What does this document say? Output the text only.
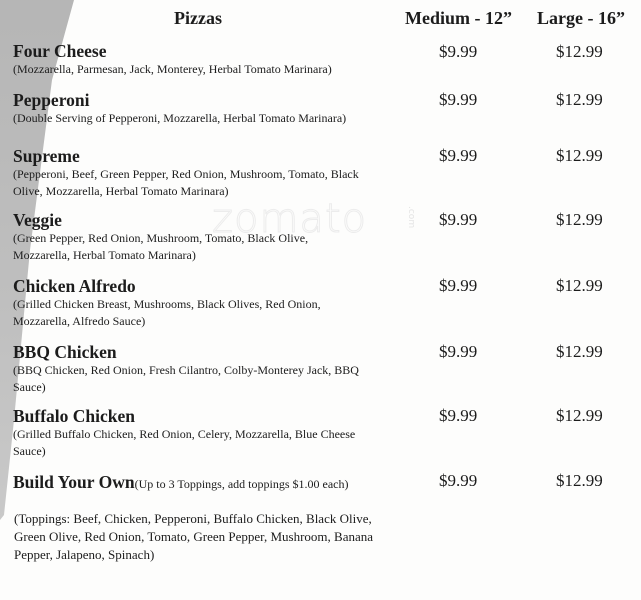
zomato	.com
Pizzas	Medium - 12” Large - 16”
Four Cheese
(Mozzarella, Parmesan, Jack, Monterey, Herbal Tomato Marinara)
$9.99	$12.99
Pepperoni
(Double Serving of Pepperoni, Mozzarella, Herbal Tomato Marinara)
$9.99	$12.99
Supreme
(Pepperoni, Beef, Green Pepper, Red Onion, Mushroom, Tomato, Black Olive, Mozzarella, Herbal Tomato Marinara)
$9.99	$12.99
Veggie
(Green Pepper, Red Onion, Mushroom, Tomato, Black Olive, Mozzarella, Herbal Tomato Marinara)
$9.99	$12.99
Chicken Alfredo
(Grilled Chicken Breast, Mushrooms, Black Olives, Red Onion, Mozzarella, Alfredo Sauce)
$9.99	$12.99
BBQ Chicken
(BBQ Chicken, Red Onion, Fresh Cilantro, Colby-Monterey Jack, BBQ Sauce)
$9.99	$12.99
Buffalo Chicken
(Grilled Buffalo Chicken, Red Onion, Celery, Mozzarella, Blue Cheese Sauce)
$9.99	$12.99
Build Your Own(Up to 3 Toppings, add toppings $1.00 each)	$9.99	$12.99
(Toppings: Beef, Chicken, Pepperoni, Buffalo Chicken, Black Olive, Green Olive, Red Onion, Tomato, Green Pepper, Mushroom, Banana Pepper, Jalapeno, Spinach)
